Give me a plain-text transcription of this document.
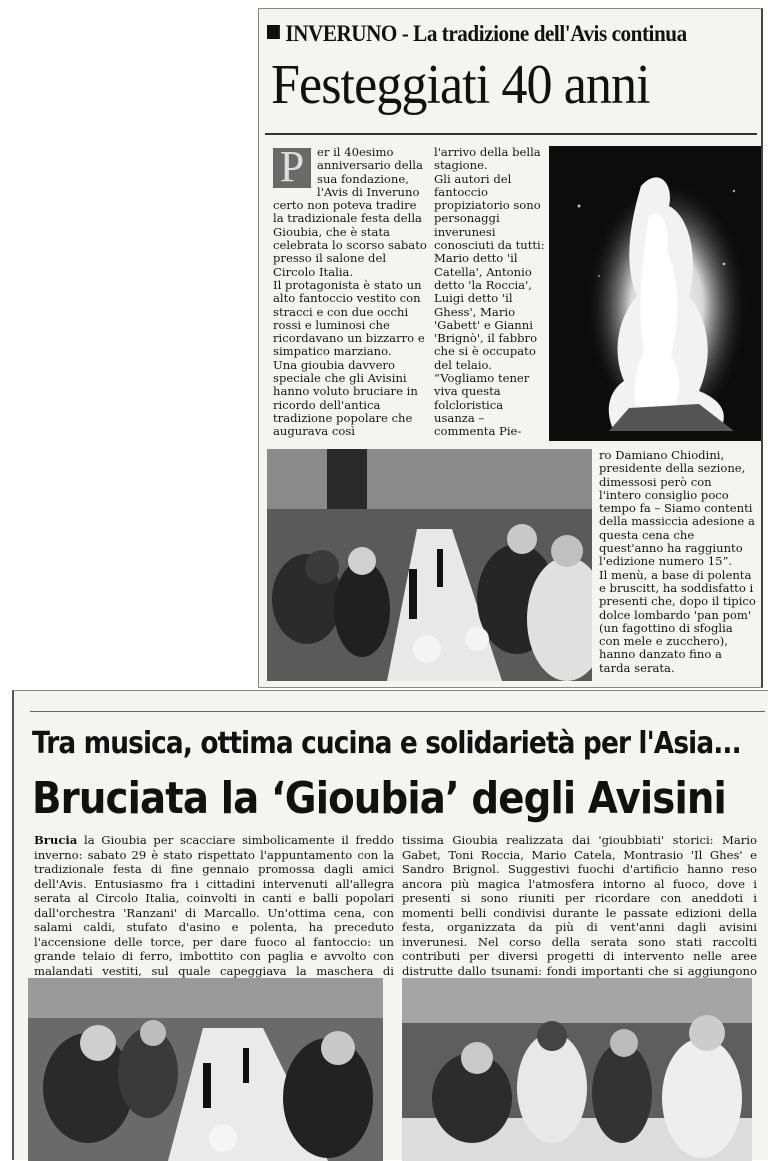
INVERUNO - La tradizione dell'Avis continua
Festeggiati 40 anni

P	er il 40esimo anniversario della sua fondazione, l'Avis di Inveruno certo non poteva tradire la tradizionale festa della Gioubia, che è stata celebrata lo scorso sabato presso il salone del Circolo Italia.

Il protagonista è stato un alto fantoccio vestito con stracci e con due occhi rossi e luminosi che ricordavano un bizzarro e simpatico marziano.

Una gioubia davvero speciale che gli Avisini hanno voluto bruciare in ricordo dell'antica tradizione popolare che augurava così

l'arrivo della bella stagione.

Gli autori del fantoccio propiziatorio sono personaggi inverunesi conosciuti da tutti: Mario detto 'il Catella', Antonio detto 'la Roccia', Luigi detto 'il Ghess', Mario 'Gabett' e Gianni 'Brignò', il fabbro che si è occupato del telaio.

“Vogliamo tener viva questa folcloristica usanza – commenta Pie-

ro Damiano Chiodini, presidente della sezione, dimessosi però con l'intero consiglio poco tempo fa – Siamo contenti della massiccia adesione a questa cena che quest'anno ha raggiunto l'edizione numero 15”.

Il menù, a base di polenta e bruscitt, ha soddisfatto i presenti che, dopo il tipico dolce lombardo 'pan pom' (un fagottino di sfoglia con mele e zucchero), hanno danzato fino a tarda serata.

Tra musica, ottima cucina e solidarietà per l'Asia...
Bruciata la ‘Gioubia’ degli Avisini

Brucia la Gioubia per scacciare simbolicamente il freddo inverno: sabato 29 è stato rispettato l'appuntamento con la tradizionale festa di fine gennaio promossa dagli amici dell'Avis. Entusiasmo fra i cittadini intervenuti all'allegra serata al Circolo Italia, coinvolti in canti e balli popolari dall'orchestra 'Ranzani' di Marcallo. Un'ottima cena, con salami caldi, stufato d'asino e polenta, ha preceduto l'accensione delle torce, per dare fuoco al fantoccio: un grande telaio di ferro, imbottito con paglia e avvolto con malandati vestiti, sul quale capeggiava la maschera di

tissima Gioubia realizzata dai 'gioubbiati' storici: Mario Gabet, Toni Roccia, Mario Catela, Montrasio 'Il Ghes' e Sandro Brignol. Suggestivi fuochi d'artificio hanno reso ancora più magica l'atmosfera intorno al fuoco, dove i presenti si sono riuniti per ricordare con aneddoti i momenti belli condivisi durante le passate edizioni della festa, organizzata da più di vent'anni dagli avisini inverunesi. Nel corso della serata sono stati raccolti contributi per diversi progetti di intervento nelle aree distrutte dallo tsunami: fondi importanti che si aggiungono
